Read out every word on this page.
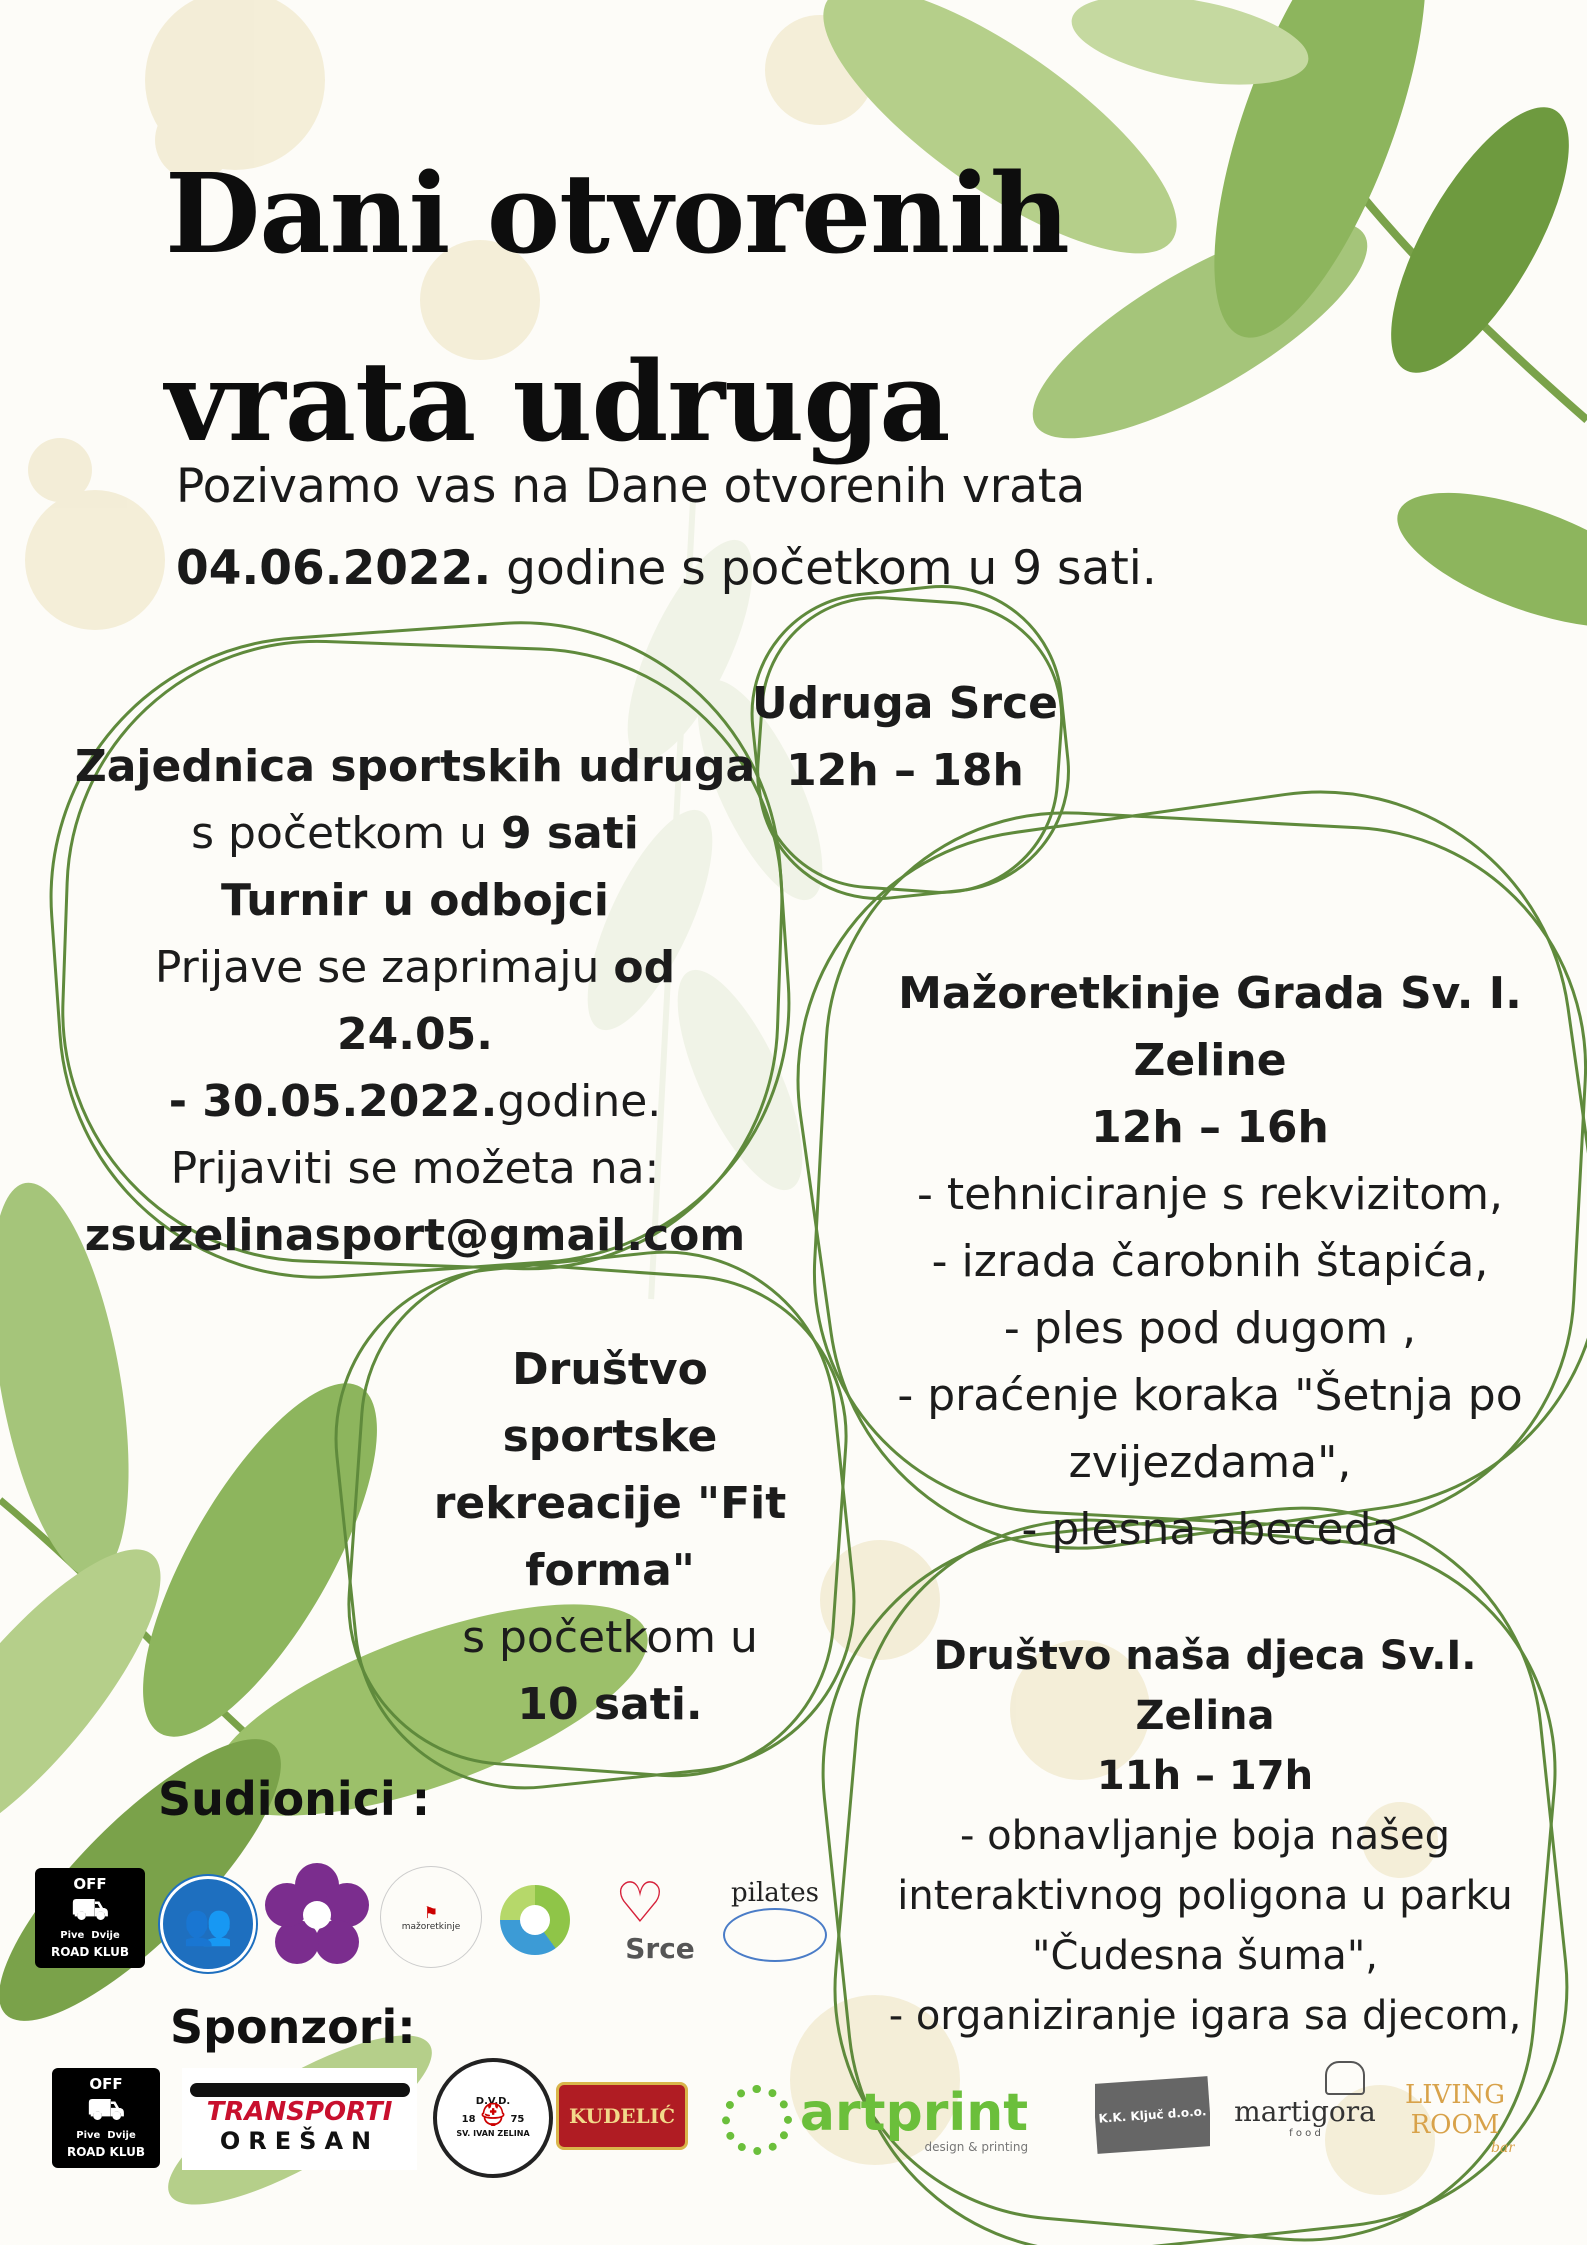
Dani otvorenih
vrata udruga
Pozivamo vas na Dane otvorenih vrata
04.06.2022. godine s početkom u 9 sati.
Udruga Srce
12h – 18h
Zajednica sportskih udruga
s početkom u 9 sati
Turnir u odbojci
Prijave se zaprimaju od 24.05.
- 30.05.2022.godine.
Prijaviti se možeta na:
zsuzelinasport@gmail.com
Mažoretkinje Grada Sv. I.
Zeline
12h – 16h
- tehniciranje s rekvizitom,
- izrada čarobnih štapića,
- ples pod dugom ,
- praćenje koraka "Šetnja po
zvijezdama",
- plesna abeceda
Društvo
sportske
rekreacije "Fit
forma"
s početkom u
10 sati.
Društvo naša djeca Sv.I. Zelina
11h – 17h
- obnavljanje boja našeg
interaktivnog poligona u parku
"Čudesna šuma",
- organiziranje igara sa djecom,
Sudionici :
OFF
⛟
Pive Dvije
ROAD KLUB
👥	⚑
mažoretkinje	♡
Srce
pilates
Sponzori:
OFF
⛟
Pive Dvije
ROAD KLUB
TRANSPORTI
OREŠAN
D.V.D.
18 ⛑ 75
SV. IVAN ZELINA
KUDELIĆ artprint
design & printing
K.K. Ključ d.o.o. martigora
f o o d
LIVING
ROOM
bar
